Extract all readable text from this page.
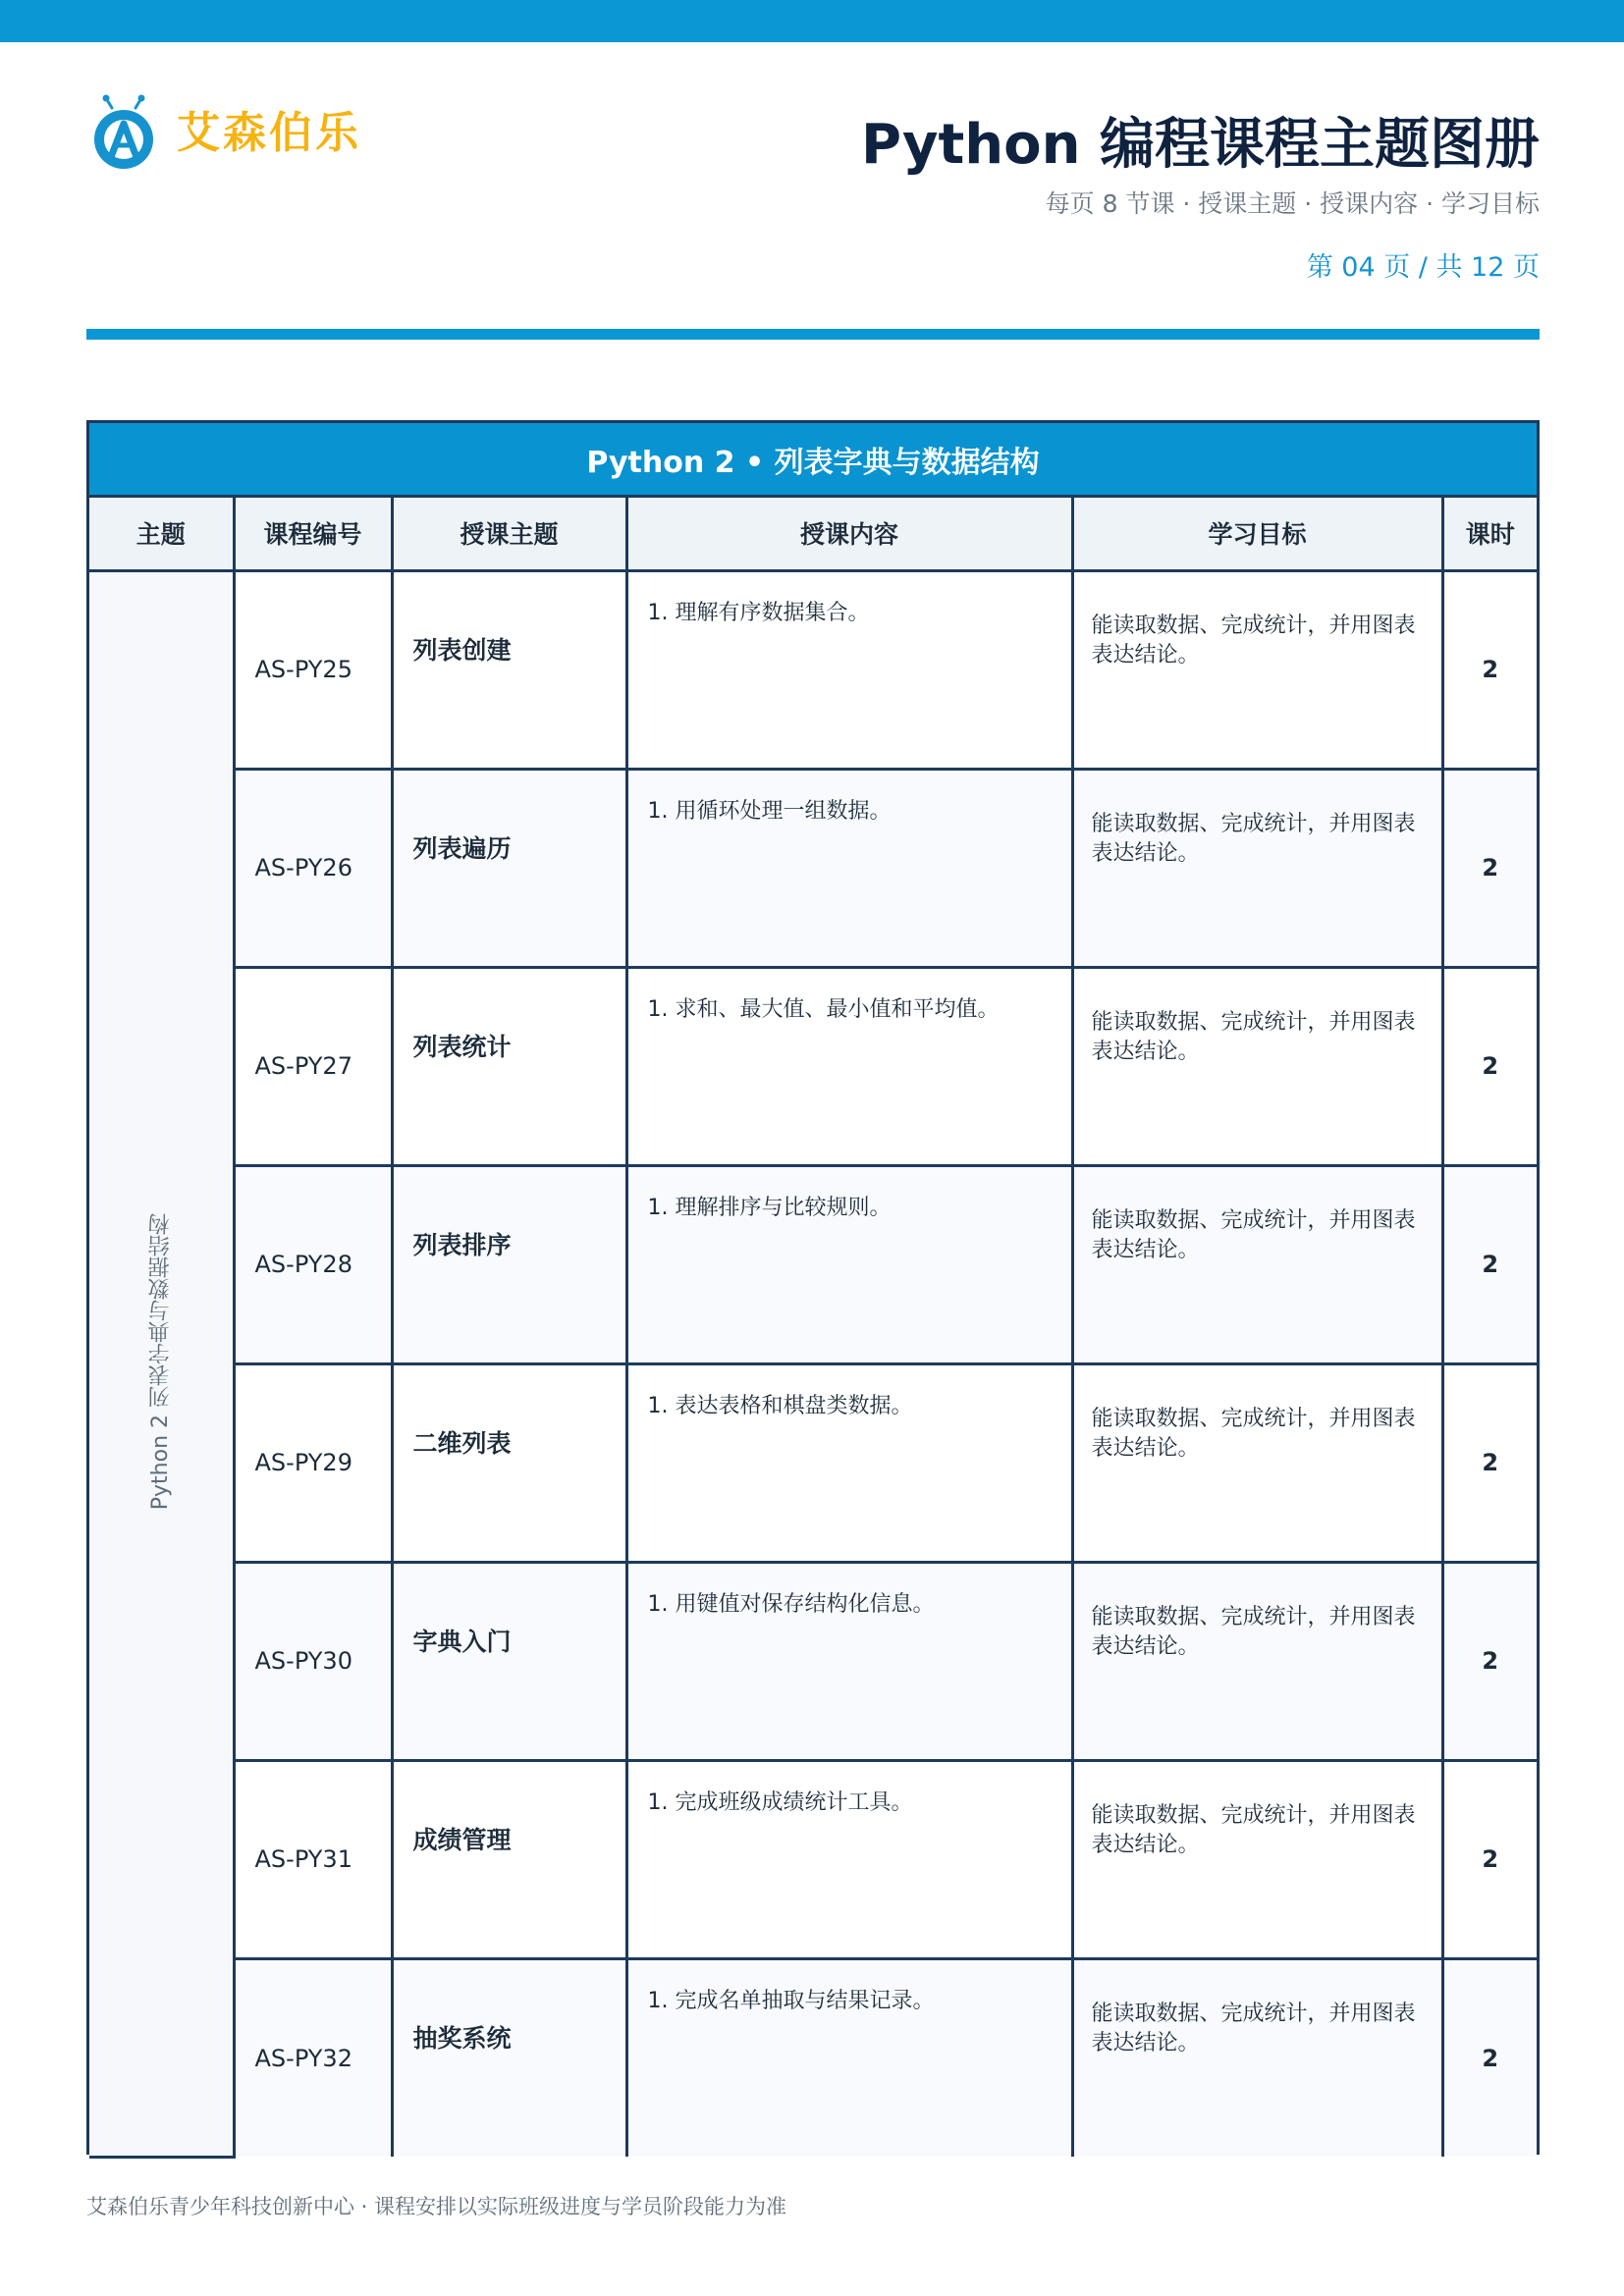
艾森伯乐	Python 编程课程主题图册
每页 8 节课 · 授课主题 · 授课内容 · 学习目标
第 04 页 / 共 12 页
Python 2 • 列表字典与数据结构
主题	课程编号	授课主题	授课内容	学习目标	课时
Python 2 列表字典与数据结构	AS-PY25	列表创建	1. 理解有序数据集合。	能读取数据、完成统计，并用图表表达结论。	2
	AS-PY26	列表遍历	1. 用循环处理一组数据。	能读取数据、完成统计，并用图表表达结论。	2
	AS-PY27	列表统计	1. 求和、最大值、最小值和平均值。	能读取数据、完成统计，并用图表表达结论。	2
	AS-PY28	列表排序	1. 理解排序与比较规则。	能读取数据、完成统计，并用图表表达结论。	2
	AS-PY29	二维列表	1. 表达表格和棋盘类数据。	能读取数据、完成统计，并用图表表达结论。	2
	AS-PY30	字典入门	1. 用键值对保存结构化信息。	能读取数据、完成统计，并用图表表达结论。	2
	AS-PY31	成绩管理	1. 完成班级成绩统计工具。	能读取数据、完成统计，并用图表表达结论。	2
	AS-PY32	抽奖系统	1. 完成名单抽取与结果记录。	能读取数据、完成统计，并用图表表达结论。	2
艾森伯乐青少年科技创新中心 · 课程安排以实际班级进度与学员阶段能力为准
